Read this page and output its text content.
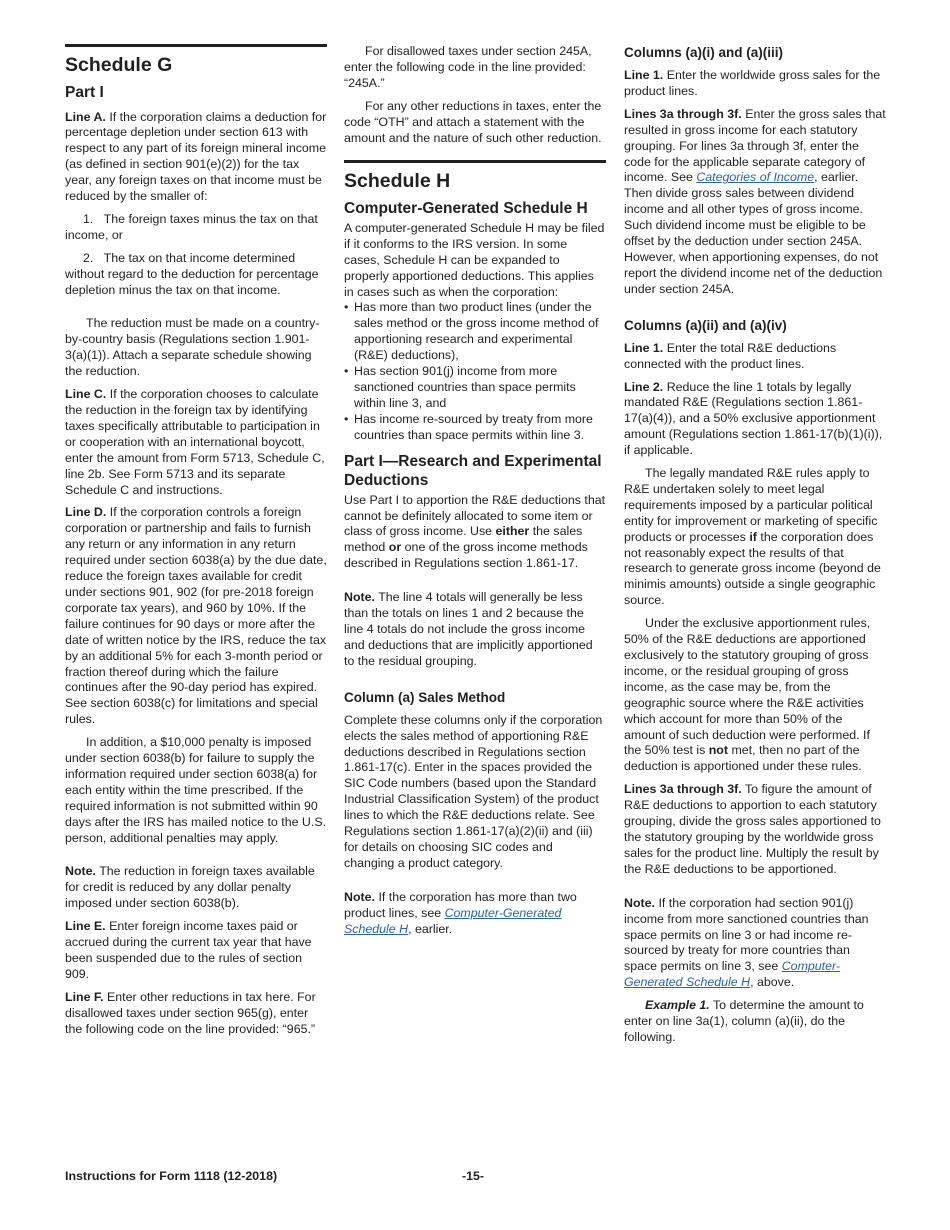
Schedule G
Part I

Line A. If the corporation claims a deduction for percentage depletion under section 613 with respect to any part of its foreign mineral income (as defined in section 901(e)(2)) for the tax year, any foreign taxes on that income must be reduced by the smaller of:

1.   The foreign taxes minus the tax on that income, or

2.   The tax on that income determined without regard to the deduction for percentage depletion minus the tax on that income.

The reduction must be made on a country-by-country basis (Regulations section 1.901-3(a)(1)). Attach a separate schedule showing the reduction.

Line C. If the corporation chooses to calculate the reduction in the foreign tax by identifying taxes specifically attributable to participation in or cooperation with an international boycott, enter the amount from Form 5713, Schedule C, line 2b. See Form 5713 and its separate Schedule C and instructions.

Line D. If the corporation controls a foreign corporation or partnership and fails to furnish any return or any information in any return required under section 6038(a) by the due date, reduce the foreign taxes available for credit under sections 901, 902 (for pre-2018 foreign corporate tax years), and 960 by 10%. If the failure continues for 90 days or more after the date of written notice by the IRS, reduce the tax by an additional 5% for each 3-month period or fraction thereof during which the failure continues after the 90-day period has expired. See section 6038(c) for limitations and special rules.

In addition, a $10,000 penalty is imposed under section 6038(b) for failure to supply the information required under section 6038(a) for each entity within the time prescribed. If the required information is not submitted within 90 days after the IRS has mailed notice to the U.S. person, additional penalties may apply.

Note. The reduction in foreign taxes available for credit is reduced by any dollar penalty imposed under section 6038(b).

Line E. Enter foreign income taxes paid or accrued during the current tax year that have been suspended due to the rules of section 909.

Line F. Enter other reductions in tax here. For disallowed taxes under section 965(g), enter the following code on the line provided: “965.”

For disallowed taxes under section 245A, enter the following code in the line provided: “245A.”

For any other reductions in taxes, enter the code “OTH” and attach a statement with the amount and the nature of such other reduction.

Schedule H
Computer-Generated Schedule H

A computer-generated Schedule H may be filed if it conforms to the IRS version. In some cases, Schedule H can be expanded to properly apportioned deductions. This applies in cases such as when the corporation:

• Has more than two product lines (under the sales method or the gross income method of apportioning research and experimental (R&E) deductions),
• Has section 901(j) income from more sanctioned countries than space permits within line 3, and
• Has income re-sourced by treaty from more countries than space permits within line 3.
Part I—Research and Experimental Deductions

Use Part I to apportion the R&E deductions that cannot be definitely allocated to some item or class of gross income. Use either the sales method or one of the gross income methods described in Regulations section 1.861-17.

Note. The line 4 totals will generally be less than the totals on lines 1 and 2 because the line 4 totals do not include the gross income and deductions that are implicitly apportioned to the residual grouping.

Column (a) Sales Method

Complete these columns only if the corporation elects the sales method of apportioning R&E deductions described in Regulations section 1.861-17(c). Enter in the spaces provided the SIC Code numbers (based upon the Standard Industrial Classification System) of the product lines to which the R&E deductions relate. See Regulations section 1.861-17(a)(2)(ii) and (iii) for details on choosing SIC codes and changing a product category.

Note. If the corporation has more than two product lines, see Computer-Generated Schedule H, earlier.

Columns (a)(i) and (a)(iii)

Line 1. Enter the worldwide gross sales for the product lines.

Lines 3a through 3f. Enter the gross sales that resulted in gross income for each statutory grouping. For lines 3a through 3f, enter the code for the applicable separate category of income. See Categories of Income, earlier. Then divide gross sales between dividend income and all other types of gross income. Such dividend income must be eligible to be offset by the deduction under section 245A. However, when apportioning expenses, do not report the dividend income net of the deduction under section 245A.

Columns (a)(ii) and (a)(iv)

Line 1. Enter the total R&E deductions connected with the product lines.

Line 2. Reduce the line 1 totals by legally mandated R&E (Regulations section 1.861-17(a)(4)), and a 50% exclusive apportionment amount (Regulations section 1.861-17(b)(1)(i)), if applicable.

The legally mandated R&E rules apply to R&E undertaken solely to meet legal requirements imposed by a particular political entity for improvement or marketing of specific products or processes if the corporation does not reasonably expect the results of that research to generate gross income (beyond de minimis amounts) outside a single geographic source.

Under the exclusive apportionment rules, 50% of the R&E deductions are apportioned exclusively to the statutory grouping of gross income, or the residual grouping of gross income, as the case may be, from the geographic source where the R&E activities which account for more than 50% of the amount of such deduction were performed. If the 50% test is not met, then no part of the deduction is apportioned under these rules.

Lines 3a through 3f. To figure the amount of R&E deductions to apportion to each statutory grouping, divide the gross sales apportioned to the statutory grouping by the worldwide gross sales for the product line. Multiply the result by the R&E deductions to be apportioned.

Note. If the corporation had section 901(j) income from more sanctioned countries than space permits on line 3 or had income re-sourced by treaty for more countries than space permits on line 3, see Computer-Generated Schedule H, above.

Example 1. To determine the amount to enter on line 3a(1), column (a)(ii), do the following.

Instructions for Form 1118 (12-2018)	-15-
